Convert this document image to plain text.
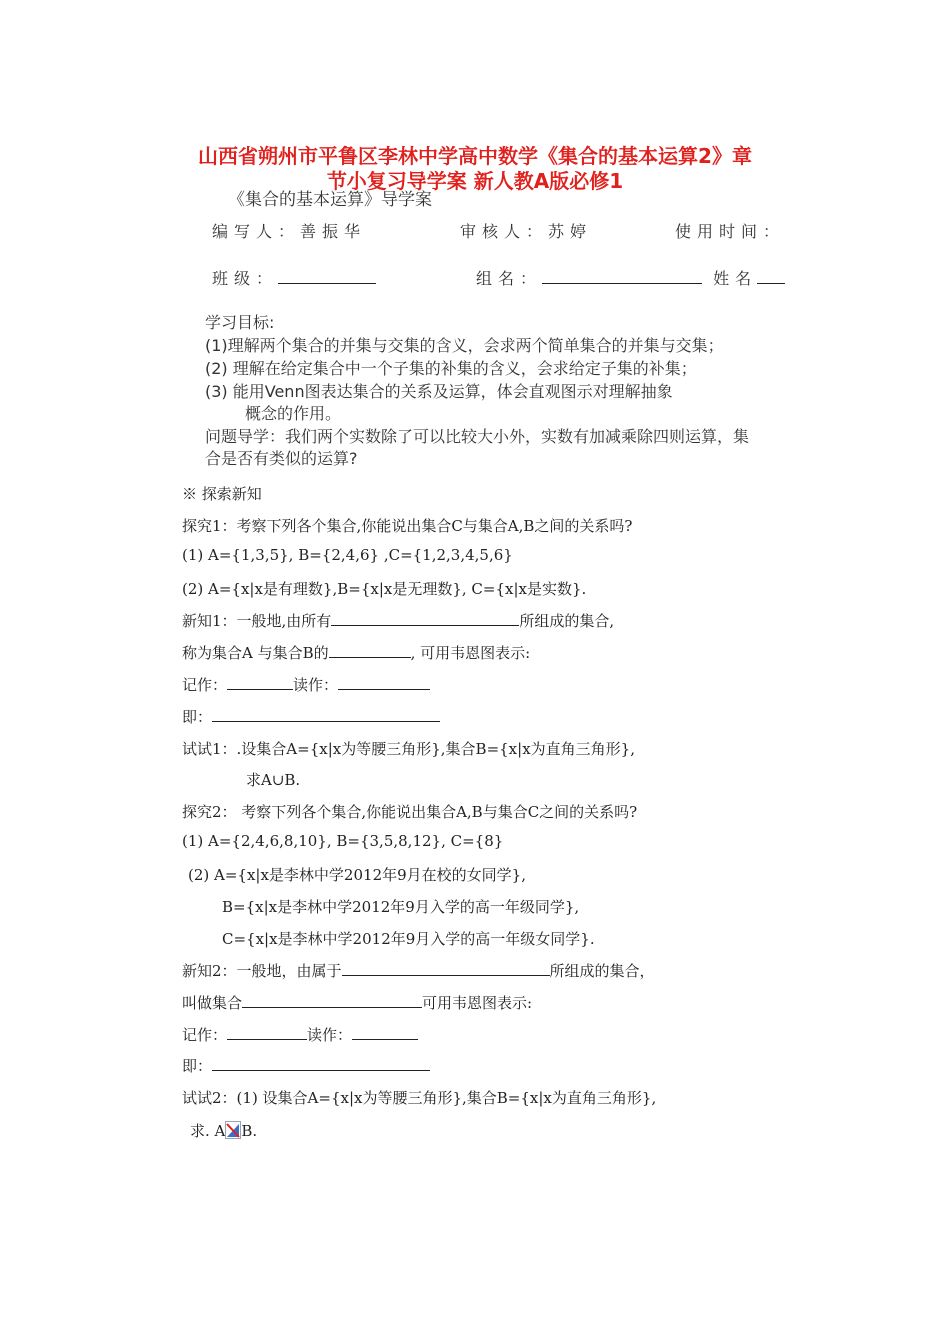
山西省朔州市平鲁区李林中学高中数学《集合的基本运算2》章
节小复习导学案 新人教A版必修1
《集合的基本运算》导学案
编写人：善振华	审核人：苏婷	使用时间：
班级：	组名：	姓名
学习目标:
(1)理解两个集合的并集与交集的含义，会求两个简单集合的并集与交集；
(2) 理解在给定集合中一个子集的补集的含义，会求给定子集的补集；
(3) 能用Venn图表达集合的关系及运算，体会直观图示对理解抽象
概念的作用。
问题导学：我们两个实数除了可以比较大小外，实数有加减乘除四则运算，集
合是否有类似的运算?
※ 探索新知
探究1：考察下列各个集合,你能说出集合C与集合A,B之间的关系吗?
(1) A={1,3,5}, B={2,4,6} ,C={1,2,3,4,5,6}
(2) A={x|x是有理数},B={x|x是无理数}, C={x|x是实数}.
新知1：一般地,由所有	所组成的集合,
称为集合A 与集合B的	, 可用韦恩图表示:
记作：	读作：
即：
试试1：.设集合A={x|x为等腰三角形},集合B={x|x为直角三角形},
求A∪B.
探究2： 考察下列各个集合,你能说出集合A,B与集合C之间的关系吗?
(1) A={2,4,6,8,10}, B={3,5,8,12}, C={8}
(2) A={x|x是李林中学2012年9月在校的女同学},
B={x|x是李林中学2012年9月入学的高一年级同学},
C={x|x是李林中学2012年9月入学的高一年级女同学}.
新知2：一般地，由属于	所组成的集合，
叫做集合	可用韦恩图表示:
记作：	读作：
即：
试试2：(1) 设集合A={x|x为等腰三角形},集合B={x|x为直角三角形},
求. A B.
